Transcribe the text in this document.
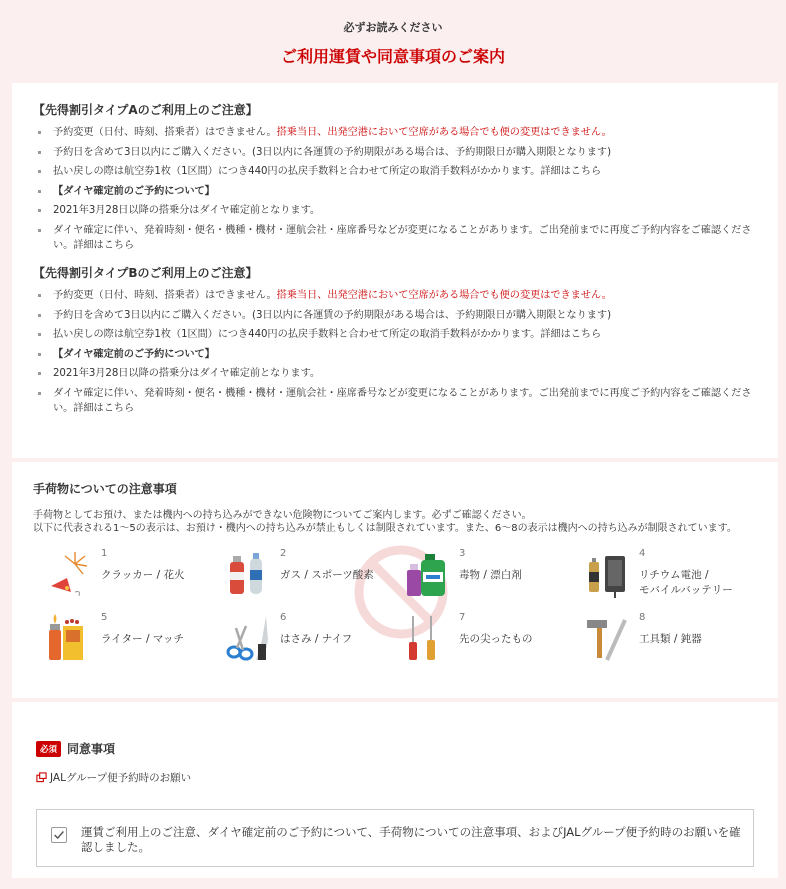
必ずお読みください
ご利用運賃や同意事項のご案内
【先得割引タイプAのご利用上のご注意】
予約変更（日付、時刻、搭乗者）はできません。搭乗当日、出発空港において空席がある場合でも便の変更はできません。
予約日を含めて3日以内にご購入ください。(3日以内に各運賃の予約期限がある場合は、予約期限日が購入期限となります)
払い戻しの際は航空券1枚（1区間）につき440円の払戻手数料と合わせて所定の取消手数料がかかります。詳細はこちら
【ダイヤ確定前のご予約について】
2021年3月28日以降の搭乗分はダイヤ確定前となります。
ダイヤ確定に伴い、発着時刻・便名・機種・機材・運航会社・座席番号などが変更になることがあります。ご出発前までに再度ご予約内容をご確認ください。詳細はこちら
【先得割引タイプBのご利用上のご注意】
予約変更（日付、時刻、搭乗者）はできません。搭乗当日、出発空港において空席がある場合でも便の変更はできません。
予約日を含めて3日以内にご購入ください。(3日以内に各運賃の予約期限がある場合は、予約期限日が購入期限となります)
払い戻しの際は航空券1枚（1区間）につき440円の払戻手数料と合わせて所定の取消手数料がかかります。詳細はこちら
【ダイヤ確定前のご予約について】
2021年3月28日以降の搭乗分はダイヤ確定前となります。
ダイヤ確定に伴い、発着時刻・便名・機種・機材・運航会社・座席番号などが変更になることがあります。ご出発前までに再度ご予約内容をご確認ください。詳細はこちら
手荷物についての注意事項
手荷物としてお預け、または機内への持ち込みができない危険物についてご案内します。必ずご確認ください。
以下に代表される1～5の表示は、お預け・機内への持ち込みが禁止もしくは制限されています。また、6～8の表示は機内への持ち込みが制限されています。
1
クラッカー / 花火
2
ガス / スポーツ酸素
3
毒物 / 漂白剤
4
リチウム電池 /
モバイルバッテリー
5
ライター / マッチ
6
はさみ / ナイフ
7
先の尖ったもの
8
工具類 / 鈍器
必須 同意事項
JALグループ便予約時のお願い
運賃ご利用上のご注意、ダイヤ確定前のご予約について、手荷物についての注意事項、およびJALグループ便予約時のお願いを確認しました。
